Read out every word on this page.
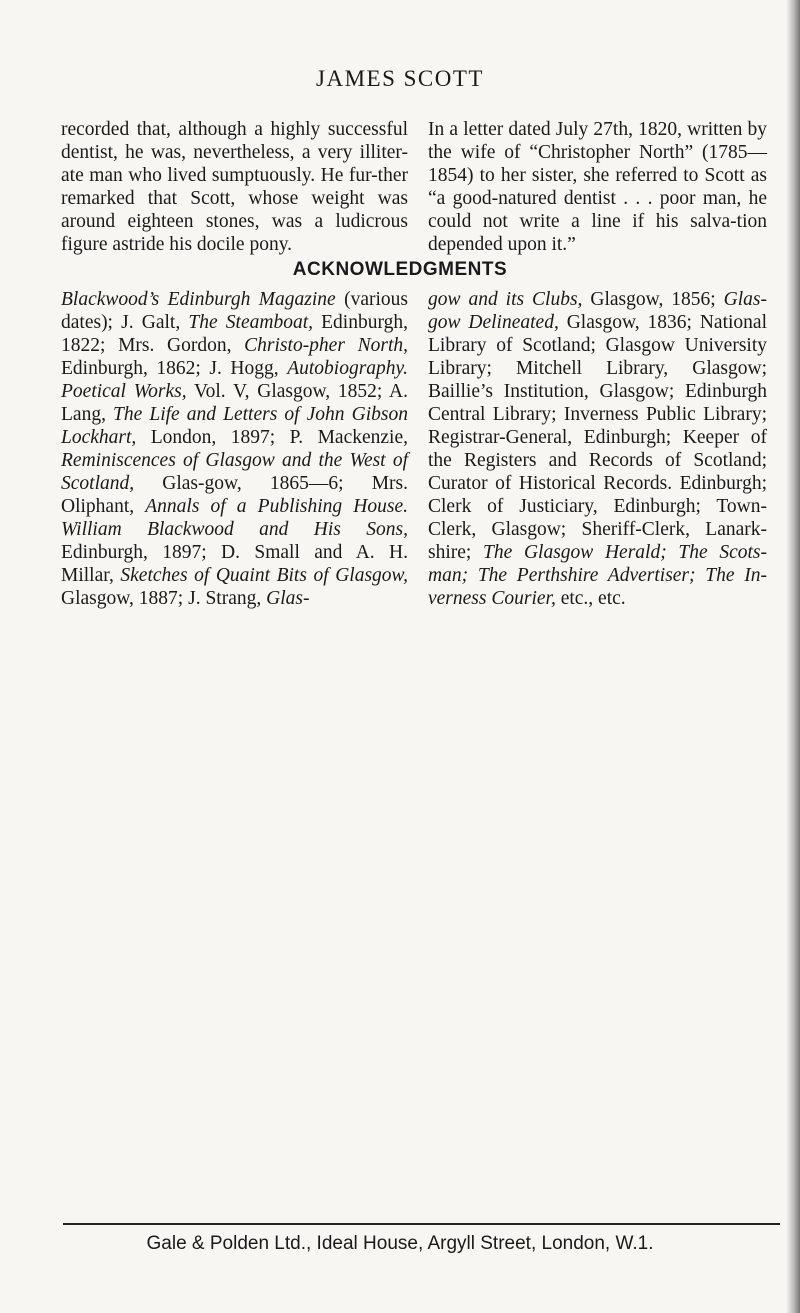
JAMES SCOTT

recorded that, although a highly successful dentist, he was, nevertheless, a very illiter-ate man who lived sumptuously. He fur-ther remarked that Scott, whose weight was around eighteen stones, was a ludicrous figure astride his docile pony.

In a letter dated July 27th, 1820, written by the wife of “Christopher North” (1785—1854) to her sister, she referred to Scott as “a good-natured dentist . . . poor man, he could not write a line if his salva-tion depended upon it.”

ACKNOWLEDGMENTS

Blackwood’s Edinburgh Magazine (various dates); J. Galt, The Steamboat, Edinburgh, 1822; Mrs. Gordon, Christo-pher North, Edinburgh, 1862; J. Hogg, Autobiography. Poetical Works, Vol. V, Glasgow, 1852; A. Lang, The Life and Letters of John Gibson Lockhart, London, 1897; P. Mackenzie, Reminiscences of Glasgow and the West of Scotland, Glas-gow, 1865—6; Mrs. Oliphant, Annals of a Publishing House. William Blackwood and His Sons, Edinburgh, 1897; D. Small and A. H. Millar, Sketches of Quaint Bits of Glasgow, Glasgow, 1887; J. Strang, Glas-

gow and its Clubs, Glasgow, 1856; Glas-gow Delineated, Glasgow, 1836; National Library of Scotland; Glasgow University Library; Mitchell Library, Glasgow; Baillie’s Institution, Glasgow; Edinburgh Central Library; Inverness Public Library; Registrar-General, Edinburgh; Keeper of the Registers and Records of Scotland; Curator of Historical Records. Edinburgh; Clerk of Justiciary, Edinburgh; Town-Clerk, Glasgow; Sheriff-Clerk, Lanark-shire; The Glasgow Herald; The Scots-man; The Perthshire Advertiser; The In-verness Courier, etc., etc.

Gale & Polden Ltd., Ideal House, Argyll Street, London, W.1.
